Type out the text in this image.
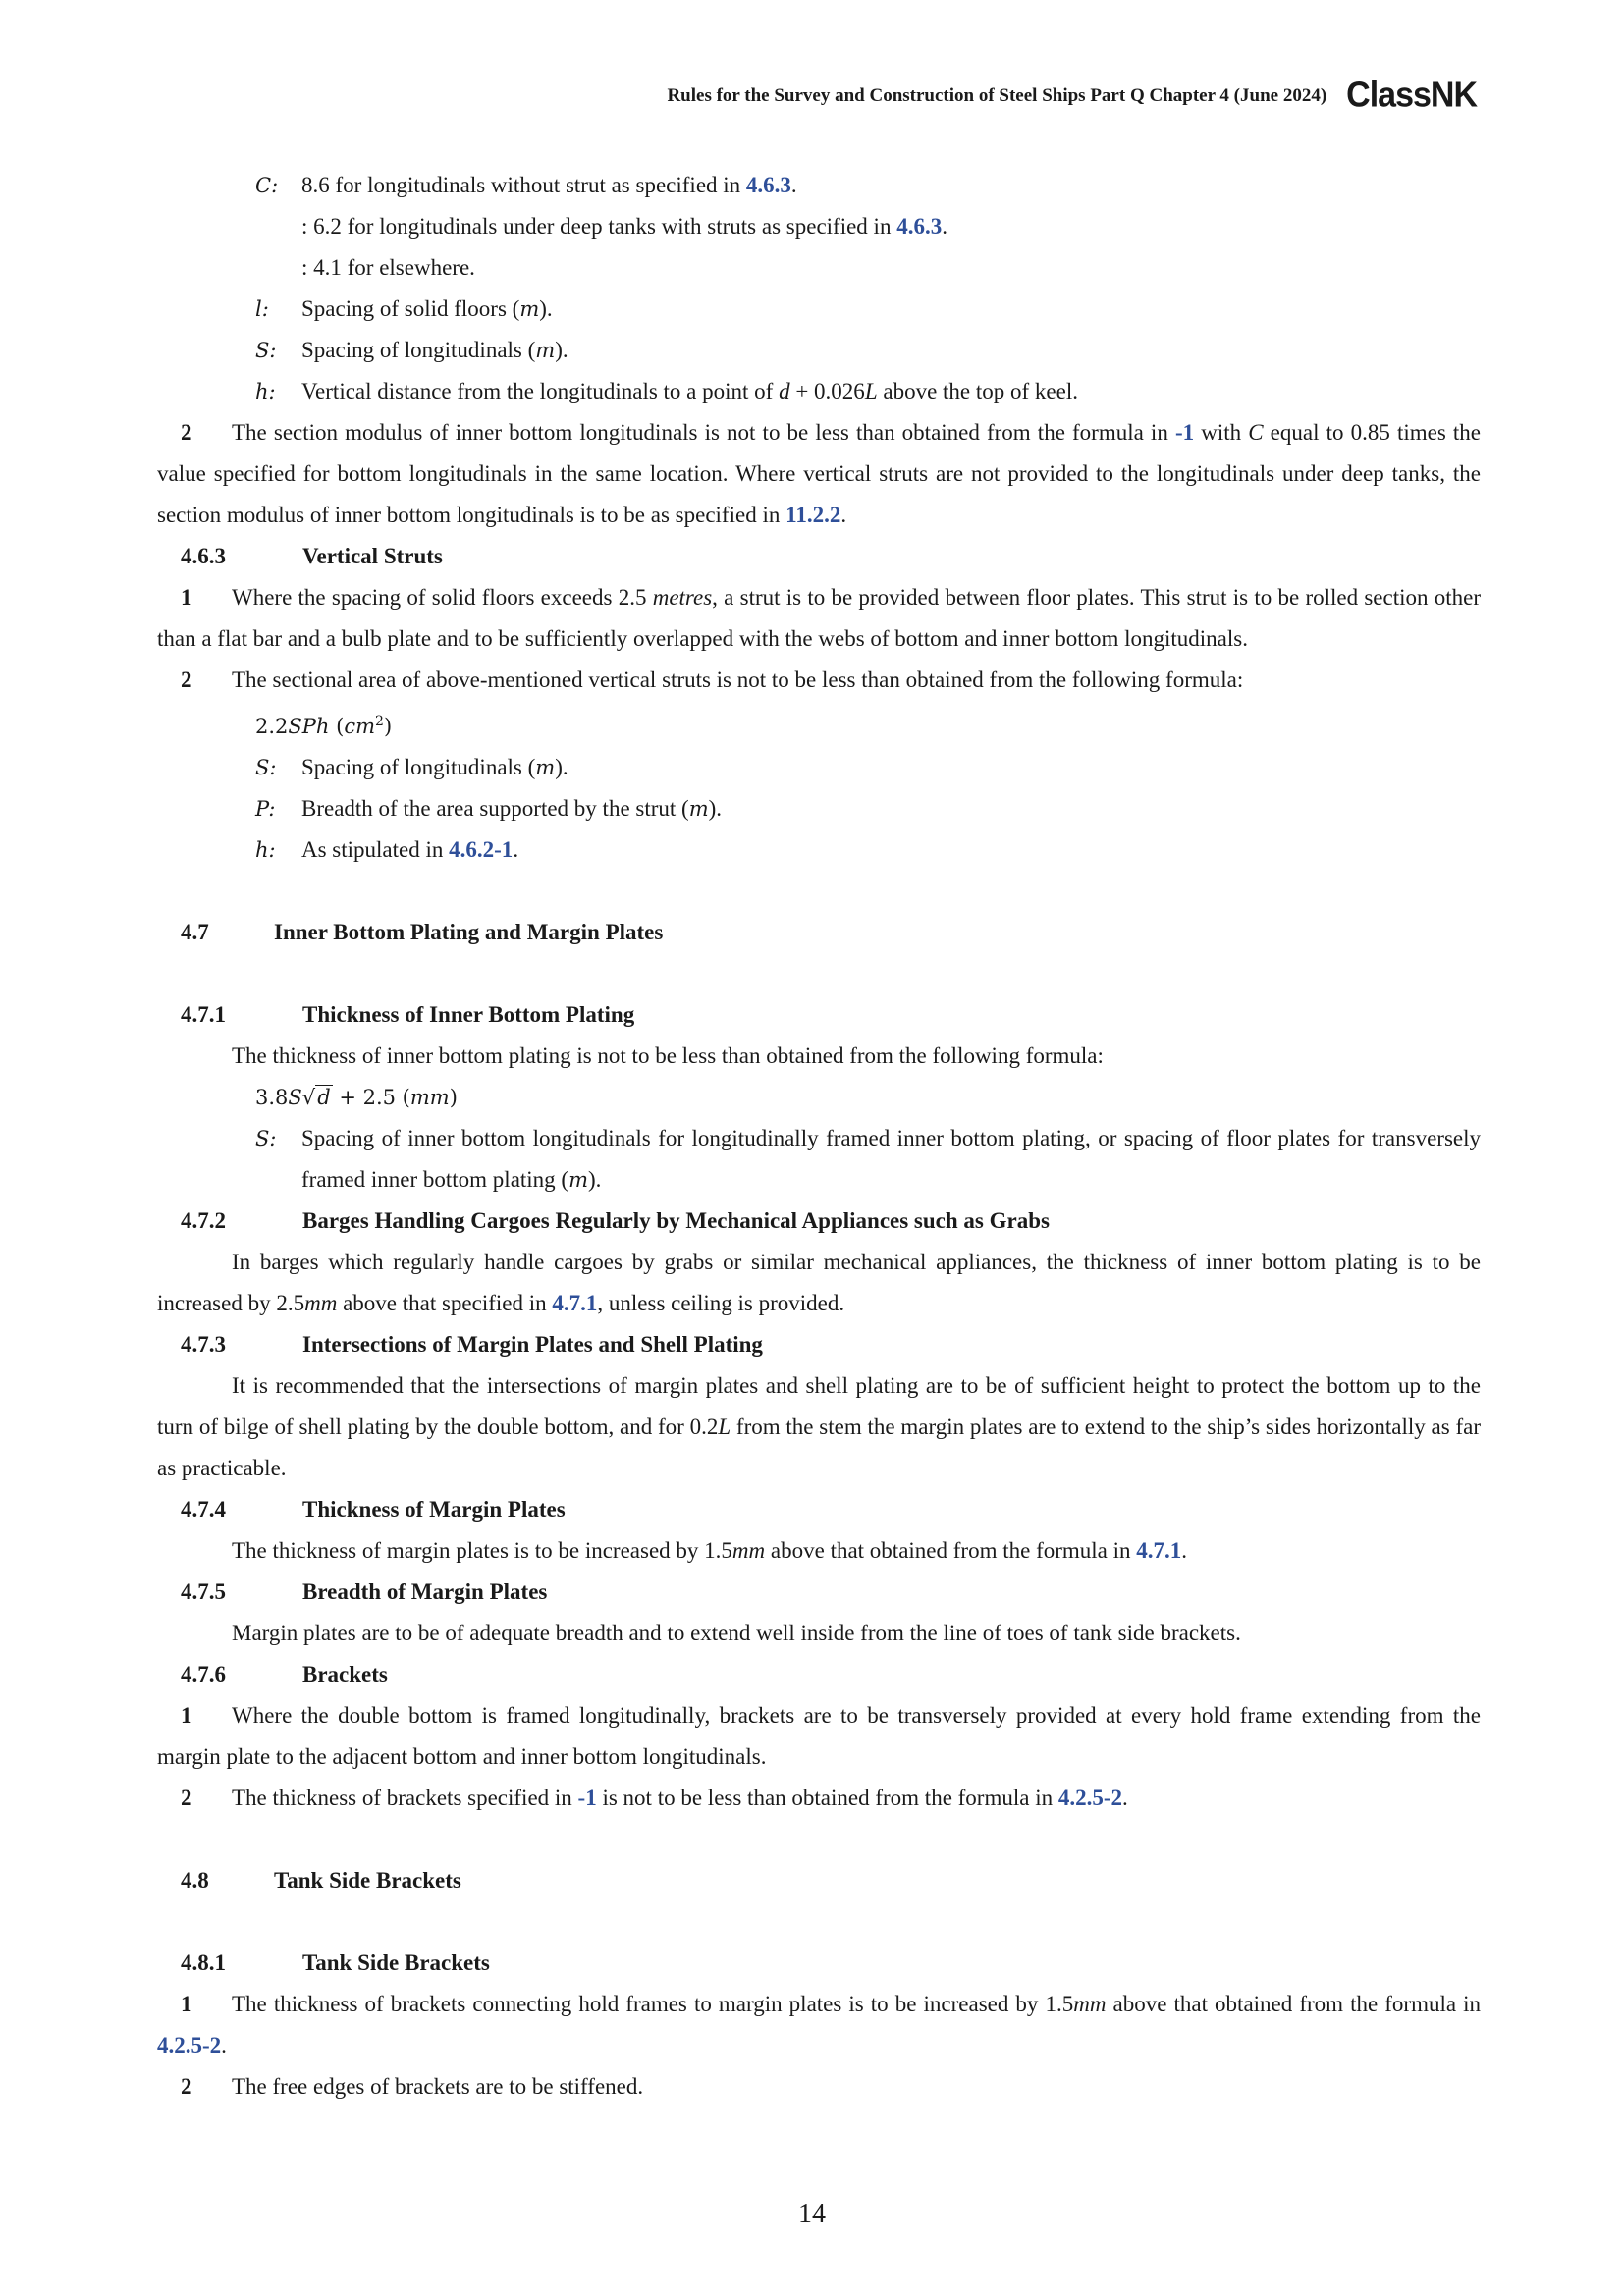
Rules for the Survey and Construction of Steel Ships Part Q Chapter 4 (June 2024) ClassNK
C:	8.6 for longitudinals without strut as specified in 4.6.3.
: 6.2 for longitudinals under deep tanks with struts as specified in 4.6.3.
: 4.1 for elsewhere.
l:	Spacing of solid floors (m).
S:	Spacing of longitudinals (m).
h:	Vertical distance from the longitudinals to a point of d + 0.026L above the top of keel.
2 The section modulus of inner bottom longitudinals is not to be less than obtained from the formula in -1 with C equal to 0.85 times the value specified for bottom longitudinals in the same location. Where vertical struts are not provided to the longitudinals under deep tanks, the section modulus of inner bottom longitudinals is to be as specified in 11.2.2.
4.6.3	Vertical Struts
1 Where the spacing of solid floors exceeds 2.5 metres, a strut is to be provided between floor plates. This strut is to be rolled section other than a flat bar and a bulb plate and to be sufficiently overlapped with the webs of bottom and inner bottom longitudinals.
2 The sectional area of above-mentioned vertical struts is not to be less than obtained from the following formula:
2.2SPh $(cm^2)$
S:	Spacing of longitudinals (m).
P:	Breadth of the area supported by the strut (m).
h:	As stipulated in 4.6.2-1.
4.7	Inner Bottom Plating and Margin Plates
4.7.1	Thickness of Inner Bottom Plating
The thickness of inner bottom plating is not to be less than obtained from the following formula:
3.8S√d + 2.5 (mm)
S:	Spacing of inner bottom longitudinals for longitudinally framed inner bottom plating, or spacing of floor plates for transversely framed inner bottom plating (m).
4.7.2	Barges Handling Cargoes Regularly by Mechanical Appliances such as Grabs
In barges which regularly handle cargoes by grabs or similar mechanical appliances, the thickness of inner bottom plating is to be increased by 2.5mm above that specified in 4.7.1, unless ceiling is provided.
4.7.3	Intersections of Margin Plates and Shell Plating
It is recommended that the intersections of margin plates and shell plating are to be of sufficient height to protect the bottom up to the turn of bilge of shell plating by the double bottom, and for 0.2L from the stem the margin plates are to extend to the ship’s sides horizontally as far as practicable.
4.7.4	Thickness of Margin Plates
The thickness of margin plates is to be increased by 1.5mm above that obtained from the formula in 4.7.1.
4.7.5	Breadth of Margin Plates
Margin plates are to be of adequate breadth and to extend well inside from the line of toes of tank side brackets.
4.7.6	Brackets
1 Where the double bottom is framed longitudinally, brackets are to be transversely provided at every hold frame extending from the margin plate to the adjacent bottom and inner bottom longitudinals.
2 The thickness of brackets specified in -1 is not to be less than obtained from the formula in 4.2.5-2.
4.8	Tank Side Brackets
4.8.1	Tank Side Brackets
1 The thickness of brackets connecting hold frames to margin plates is to be increased by 1.5mm above that obtained from the formula in 4.2.5-2.
2 The free edges of brackets are to be stiffened.
14
